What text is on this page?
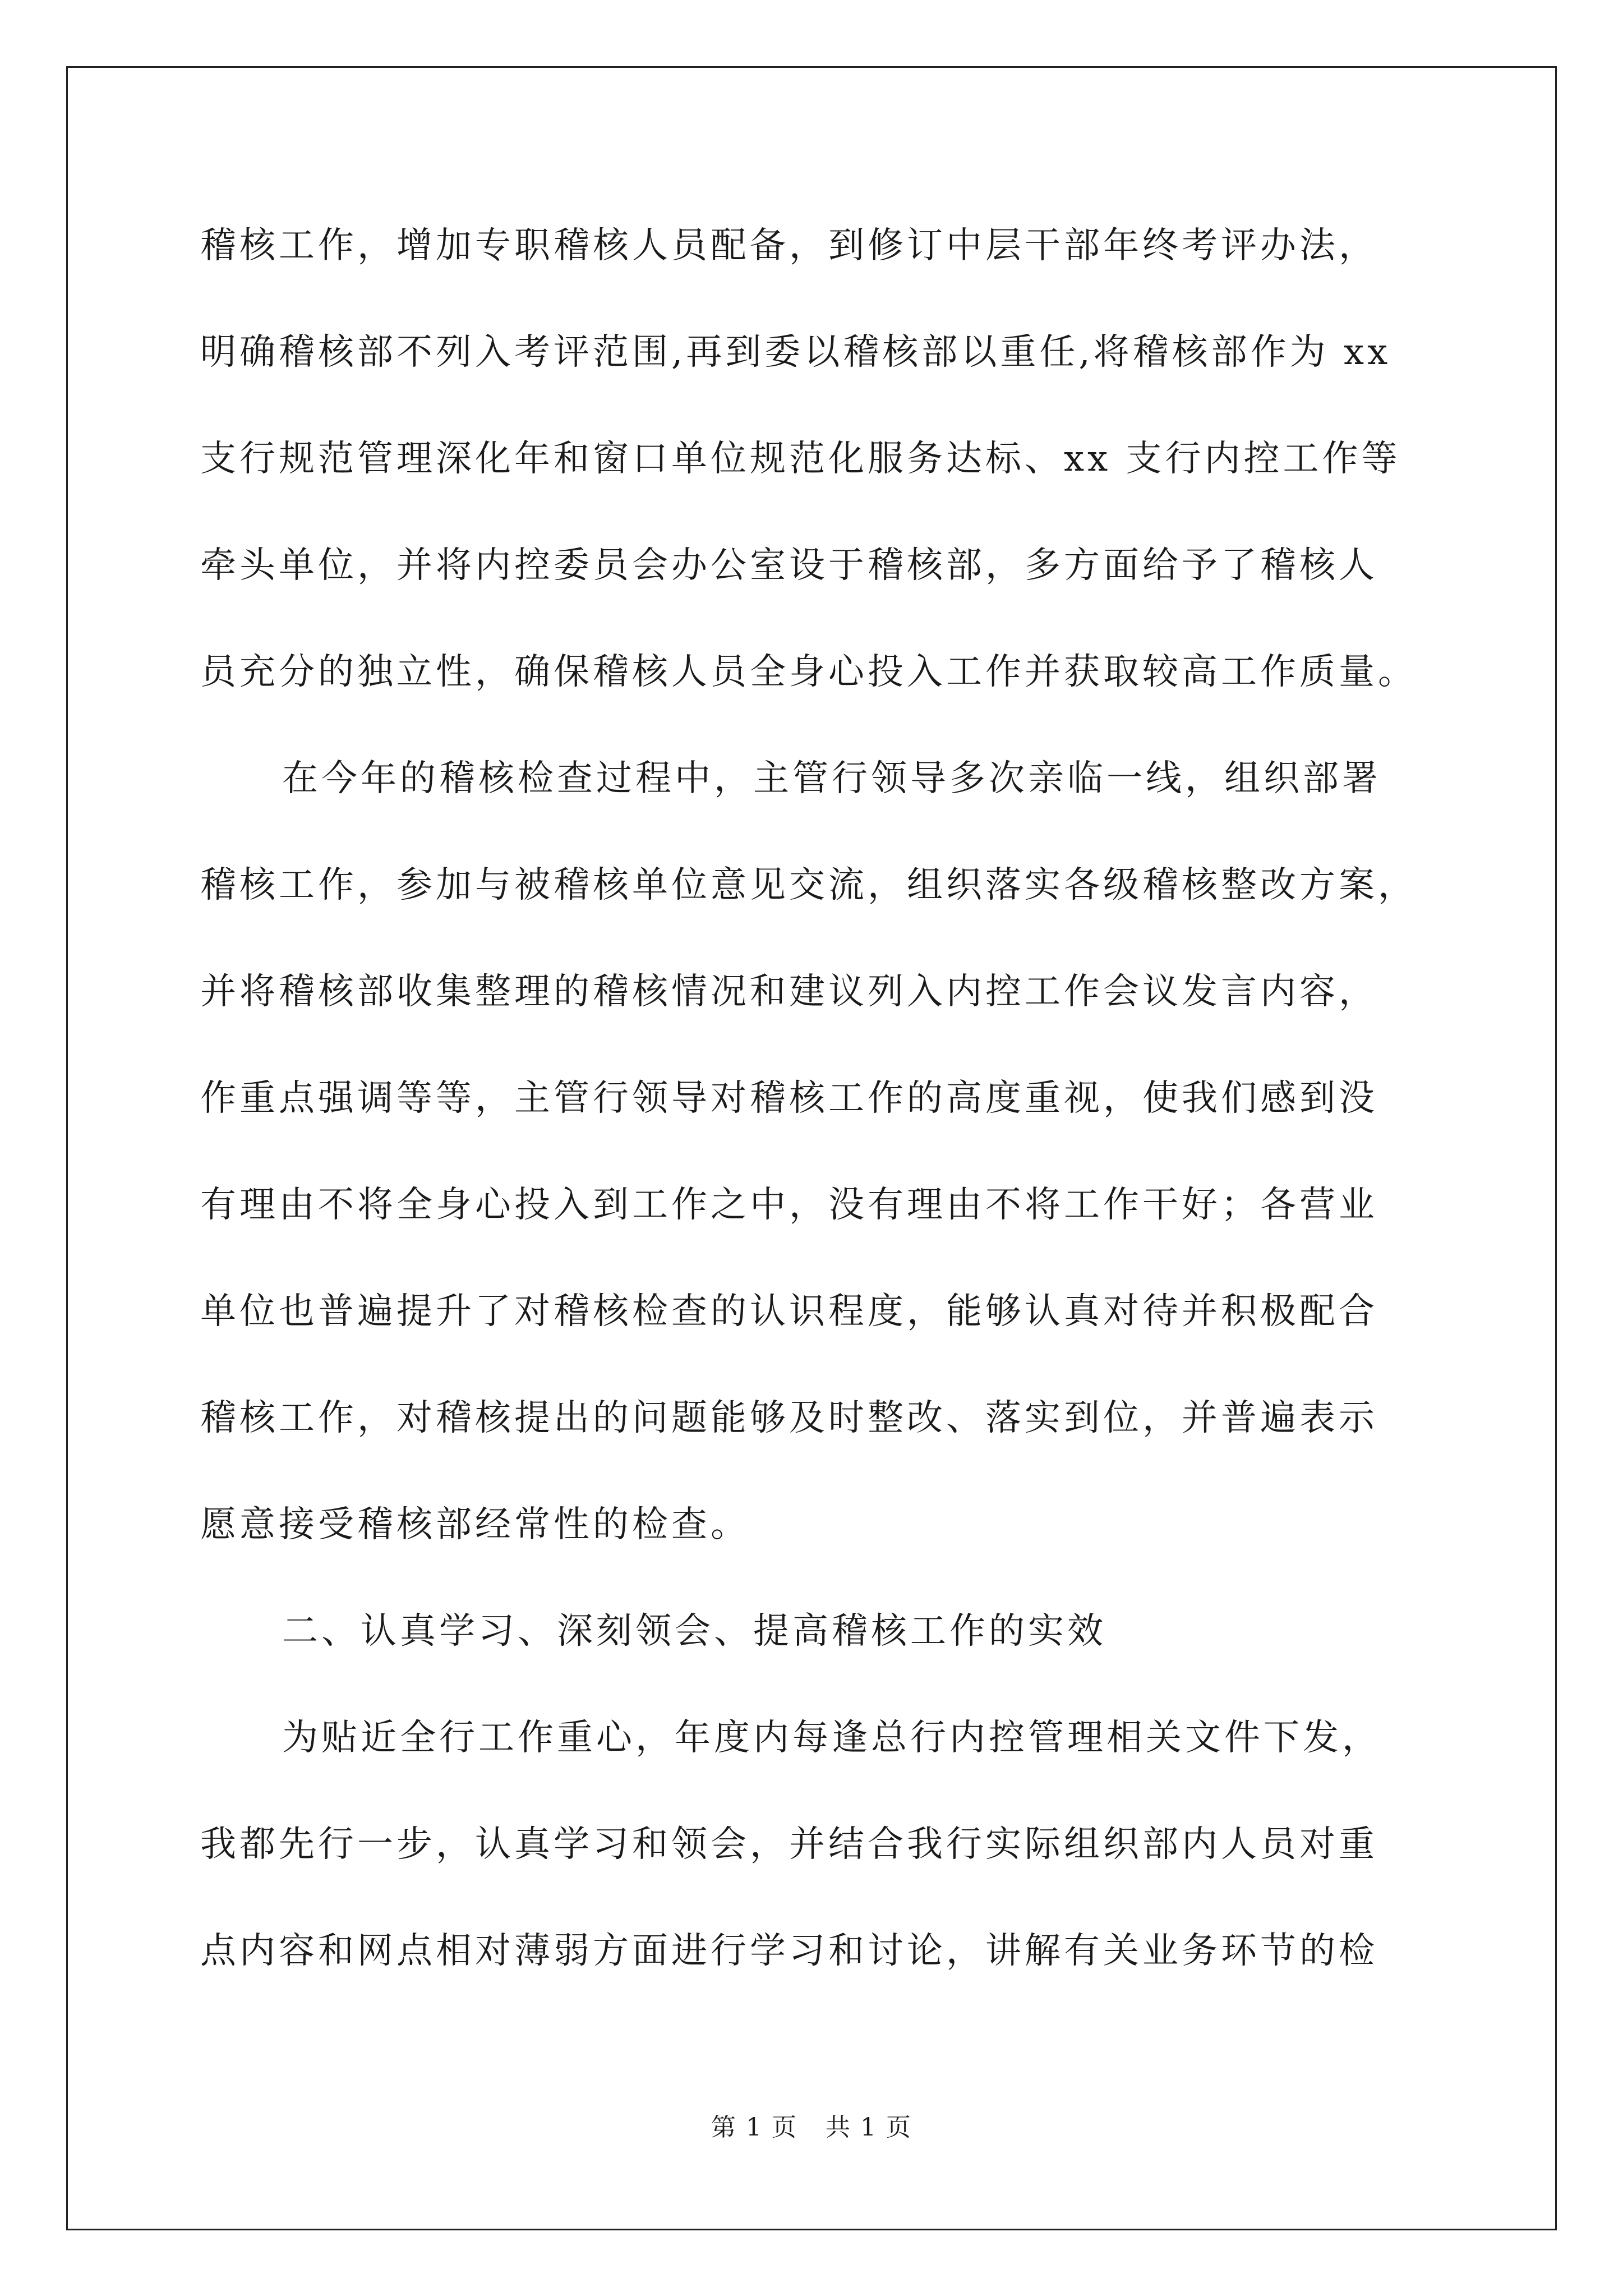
稽核工作，增加专职稽核人员配备，到修订中层干部年终考评办法，
明确稽核部不列入考评范围,再到委以稽核部以重任,将稽核部作为 xx
支行规范管理深化年和窗口单位规范化服务达标、xx 支行内控工作等
牵头单位，并将内控委员会办公室设于稽核部，多方面给予了稽核人
员充分的独立性，确保稽核人员全身心投入工作并获取较高工作质量。
在今年的稽核检查过程中，主管行领导多次亲临一线，组织部署
稽核工作，参加与被稽核单位意见交流，组织落实各级稽核整改方案，
并将稽核部收集整理的稽核情况和建议列入内控工作会议发言内容，
作重点强调等等，主管行领导对稽核工作的高度重视，使我们感到没
有理由不将全身心投入到工作之中，没有理由不将工作干好；各营业
单位也普遍提升了对稽核检查的认识程度，能够认真对待并积极配合
稽核工作，对稽核提出的问题能够及时整改、落实到位，并普遍表示
愿意接受稽核部经常性的检查。
二、认真学习、深刻领会、提高稽核工作的实效
为贴近全行工作重心，年度内每逢总行内控管理相关文件下发，
我都先行一步，认真学习和领会，并结合我行实际组织部内人员对重
点内容和网点相对薄弱方面进行学习和讨论，讲解有关业务环节的检
第 1 页 共 1 页
